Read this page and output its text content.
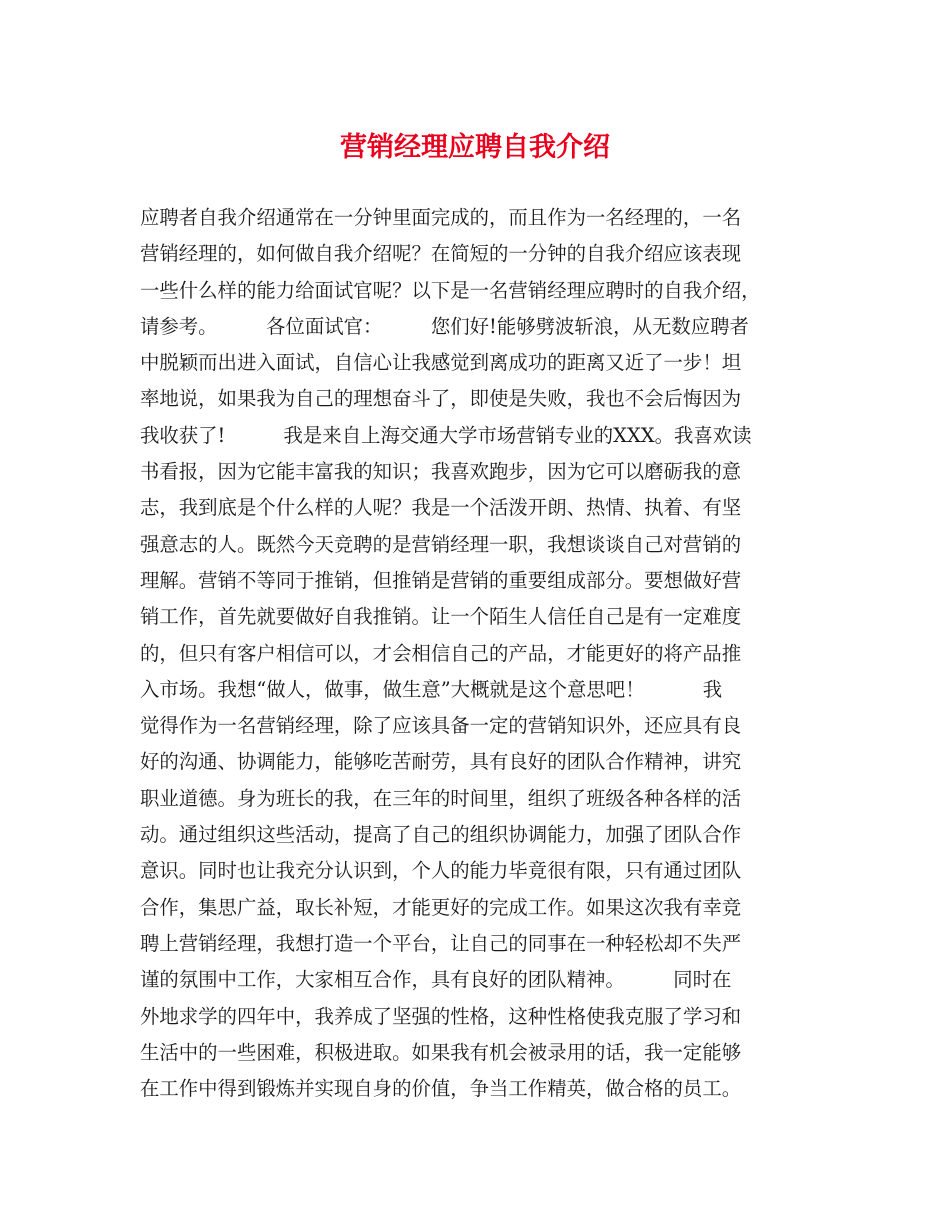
营销经理应聘自我介绍
应聘者自我介绍通常在一分钟里面完成的，而且作为一名经理的，一名
营销经理的，如何做自我介绍呢？在简短的一分钟的自我介绍应该表现
一些什么样的能力给面试官呢？以下是一名营销经理应聘时的自我介绍，
请参考。　　　各位面试官：　　　您们好!能够劈波斩浪，从无数应聘者
中脱颖而出进入面试，自信心让我感觉到离成功的距离又近了一步！坦
率地说，如果我为自己的理想奋斗了，即使是失败，我也不会后悔因为
我收获了!　　　我是来自上海交通大学市场营销专业的XXX。我喜欢读
书看报，因为它能丰富我的知识；我喜欢跑步，因为它可以磨砺我的意
志，我到底是个什么样的人呢？我是一个活泼开朗、热情、执着、有坚
强意志的人。既然今天竞聘的是营销经理一职，我想谈谈自己对营销的
理解。营销不等同于推销，但推销是营销的重要组成部分。要想做好营
销工作，首先就要做好自我推销。让一个陌生人信任自己是有一定难度
的，但只有客户相信可以，才会相信自己的产品，才能更好的将产品推
入市场。我想“做人，做事，做生意”大概就是这个意思吧！　　　我
觉得作为一名营销经理，除了应该具备一定的营销知识外，还应具有良
好的沟通、协调能力，能够吃苦耐劳，具有良好的团队合作精神，讲究
职业道德。身为班长的我，在三年的时间里，组织了班级各种各样的活
动。通过组织这些活动，提高了自己的组织协调能力，加强了团队合作
意识。同时也让我充分认识到，个人的能力毕竟很有限，只有通过团队
合作，集思广益，取长补短，才能更好的完成工作。如果这次我有幸竞
聘上营销经理，我想打造一个平台，让自己的同事在一种轻松却不失严
谨的氛围中工作，大家相互合作，具有良好的团队精神。　　　同时在
外地求学的四年中，我养成了坚强的性格，这种性格使我克服了学习和
生活中的一些困难，积极进取。如果我有机会被录用的话，我一定能够
在工作中得到锻炼并实现自身的价值，争当工作精英，做合格的员工。
